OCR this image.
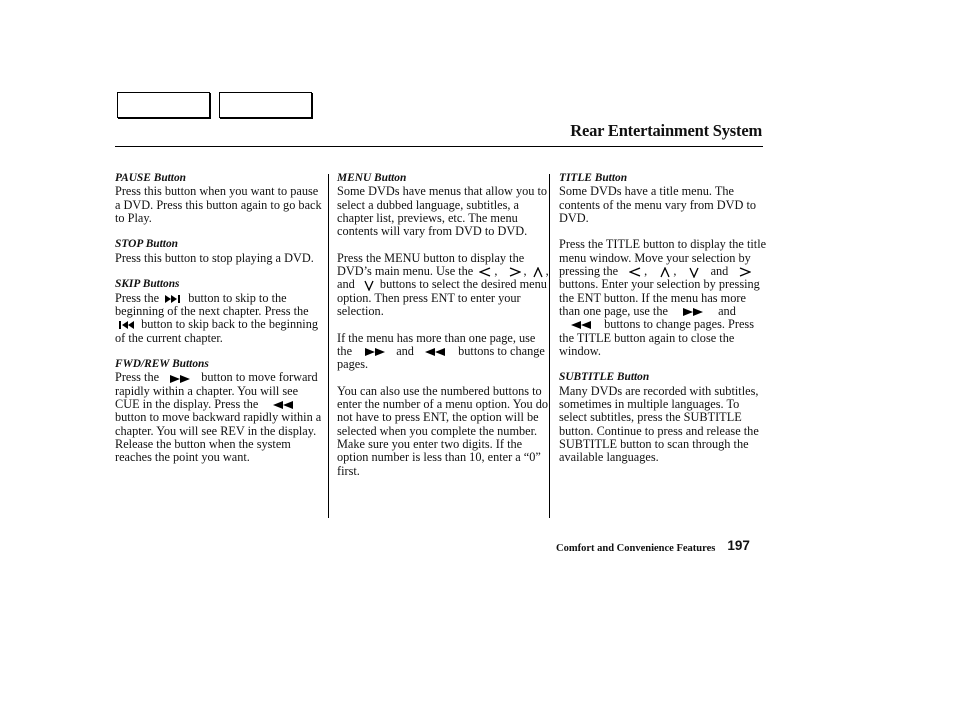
Rear Entertainment System

PAUSE Button

Press this button when you want to pause a DVD. Press this button again to go back to Play.

STOP Button

Press this button to stop playing a DVD.

SKIP Buttons

Press the button to skip to the beginning of the next chapter. Press the
button to skip back to the beginning of the current chapter.

FWD/REW Buttons

Press the	button to move forward rapidly within a chapter. You will see CUE in the display. Press the
button to move backward rapidly within a chapter. You will see REV in the display. Release the button when the system reaches the point you want.

MENU Button

Some DVDs have menus that allow you to select a dubbed language, subtitles, a chapter list, previews, etc. The menu contents will vary from DVD to DVD.

Press the MENU button to display the DVD’s main menu. Use the , , , and buttons to select the desired menu option. Then press ENT to enter your selection.

If the menu has more than one page, use the	and	buttons to change pages.

You can also use the numbered buttons to enter the number of a menu option. You do not have to press ENT, the option will be selected when you complete the number. Make sure you enter two digits. If the option number is less than 10, enter a “0” first.

TITLE Button

Some DVDs have a title menu. The contents of the menu vary from DVD to DVD.

Press the TITLE button to display the title menu window. Move your selection by pressing the , ,	and
buttons. Enter your selection by pressing the ENT button. If the menu has more than one page, use the	and
buttons to change pages. Press the TITLE button again to close the window.

SUBTITLE Button

Many DVDs are recorded with subtitles, sometimes in multiple languages. To select subtitles, press the SUBTITLE button. Continue to press and release the SUBTITLE button to scan through the available languages.

Comfort and Convenience Features 197
